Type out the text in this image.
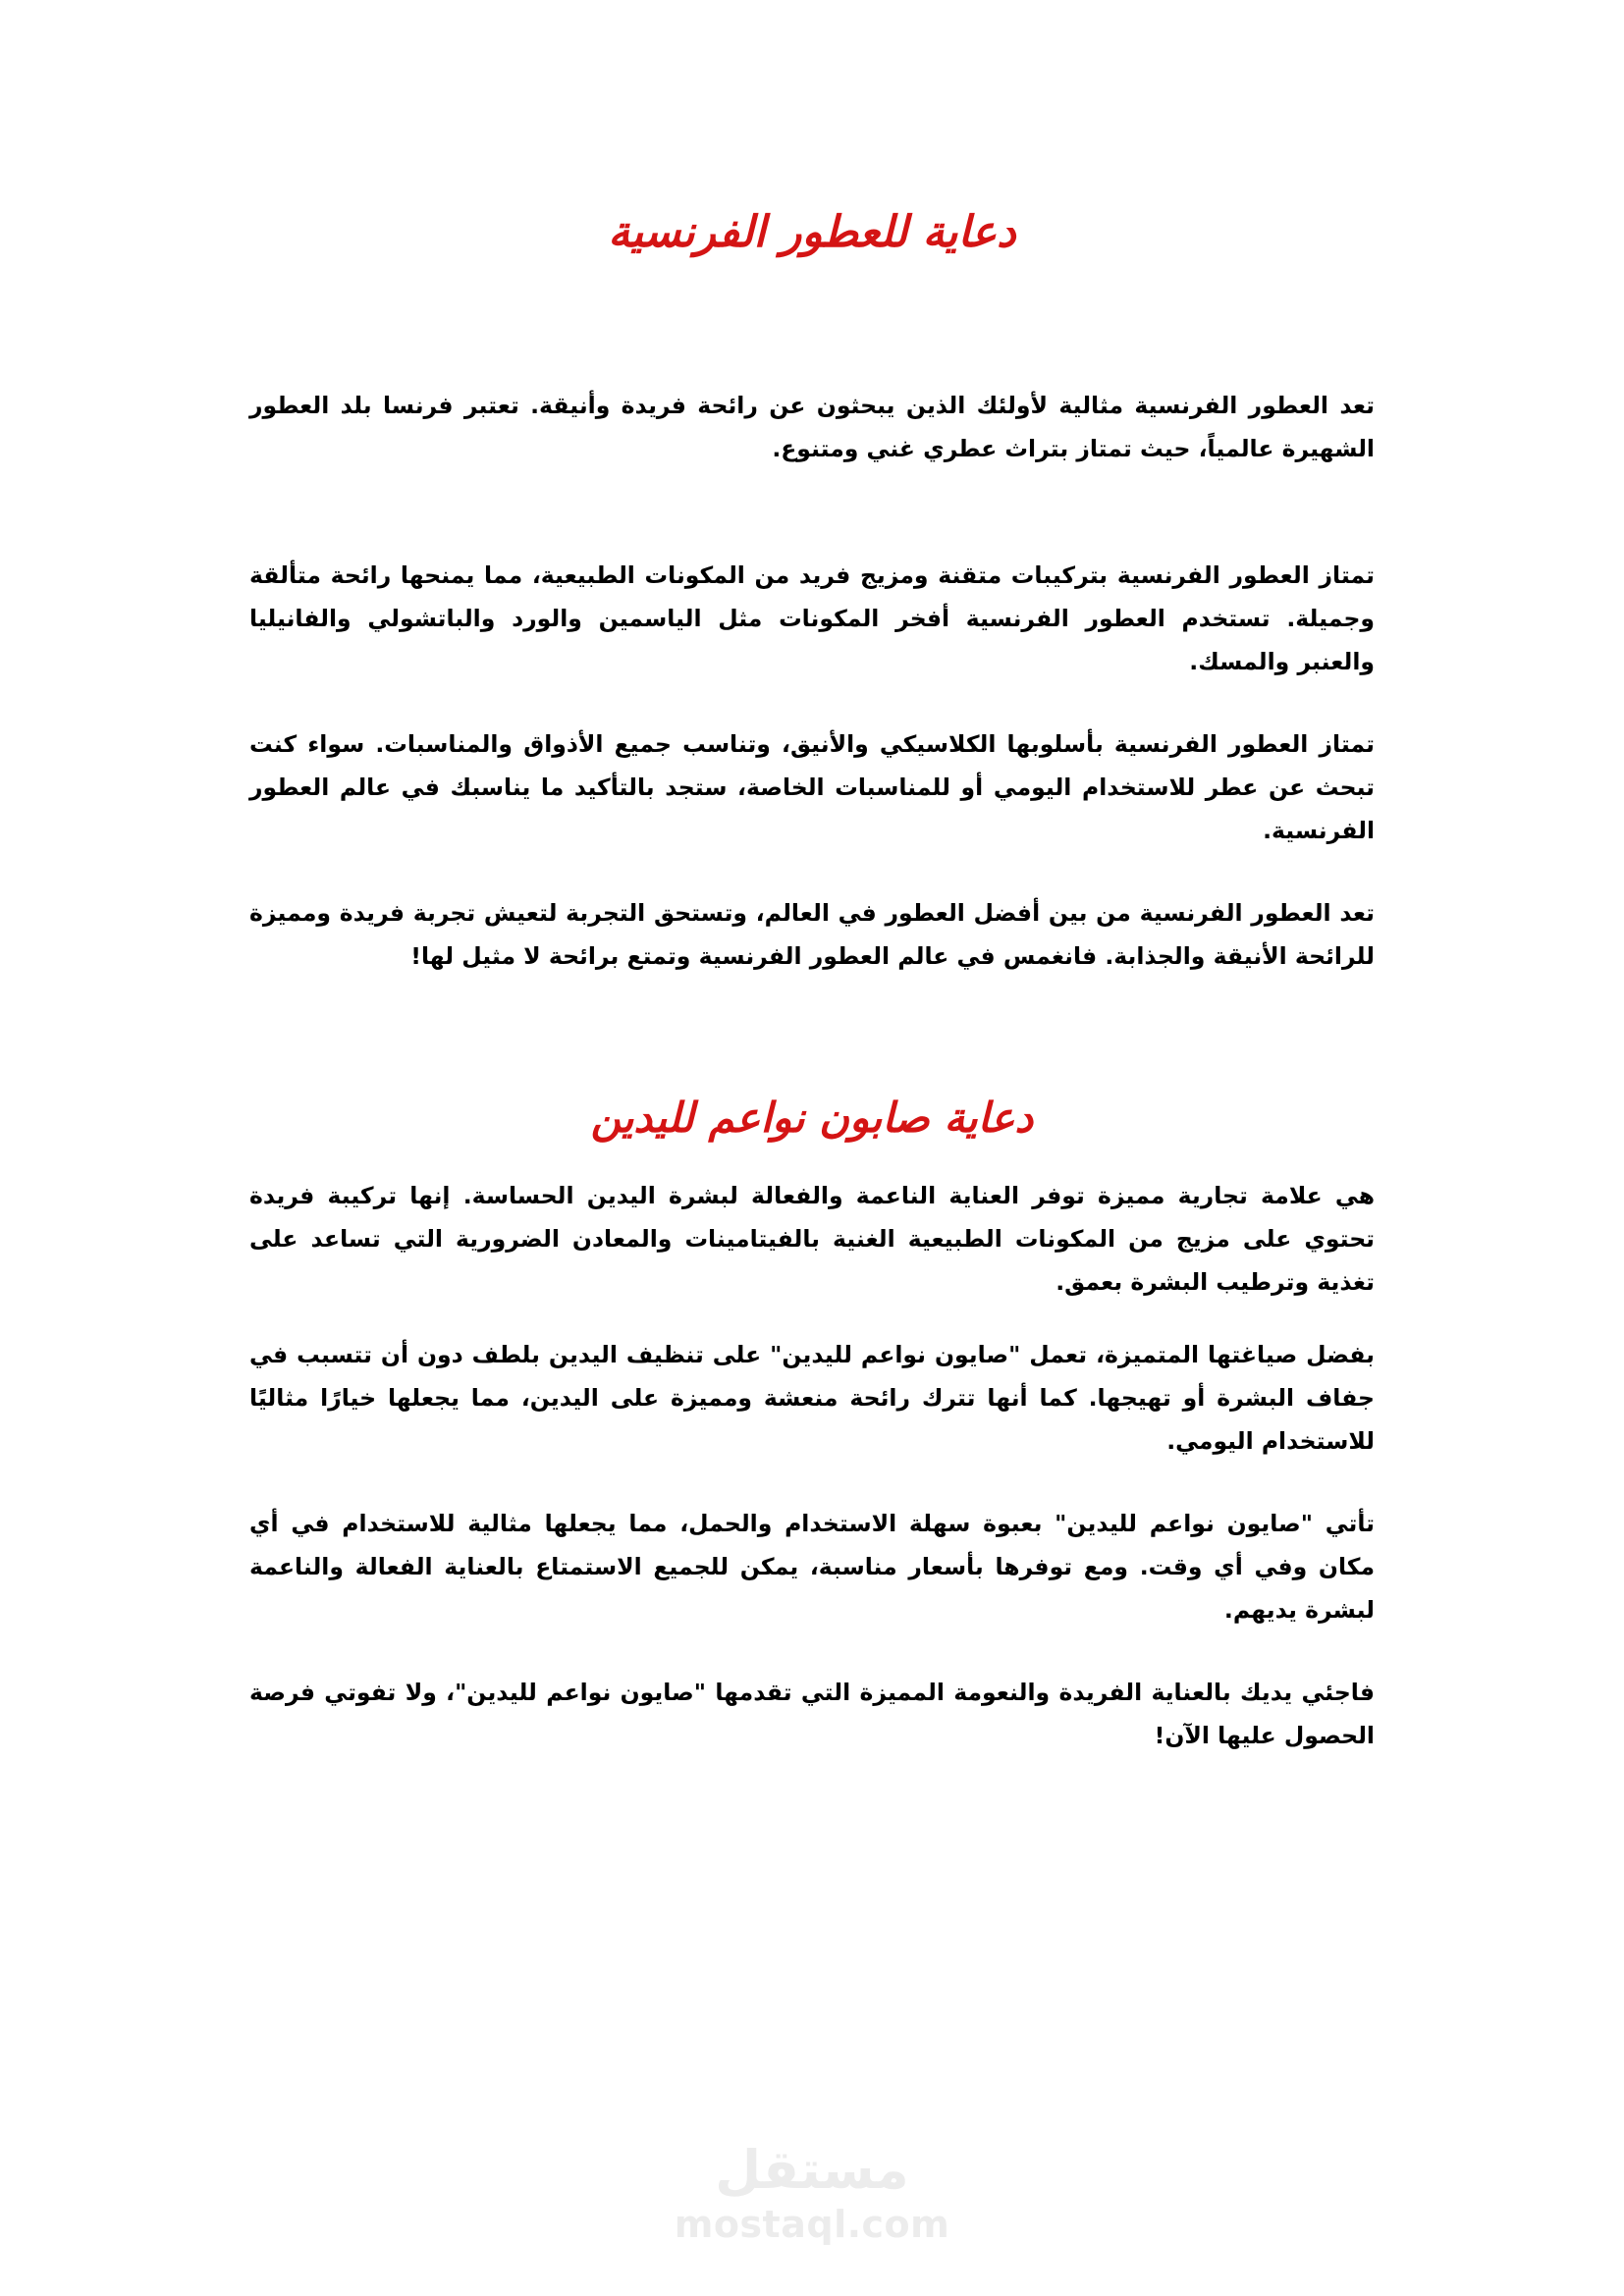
دعاية للعطور الفرنسية

تعد العطور الفرنسية مثالية لأولئك الذين يبحثون عن رائحة فريدة وأنيقة. تعتبر فرنسا بلد العطور الشهيرة عالمياً، حيث تمتاز بتراث عطري غني ومتنوع.

تمتاز العطور الفرنسية بتركيبات متقنة ومزيج فريد من المكونات الطبيعية، مما يمنحها رائحة متألقة وجميلة. تستخدم العطور الفرنسية أفخر المكونات مثل الياسمين والورد والباتشولي والفانيليا والعنبر والمسك.

تمتاز العطور الفرنسية بأسلوبها الكلاسيكي والأنيق، وتناسب جميع الأذواق والمناسبات. سواء كنت تبحث عن عطر للاستخدام اليومي أو للمناسبات الخاصة، ستجد بالتأكيد ما يناسبك في عالم العطور الفرنسية.

تعد العطور الفرنسية من بين أفضل العطور في العالم، وتستحق التجربة لتعيش تجربة فريدة ومميزة للرائحة الأنيقة والجذابة. فانغمس في عالم العطور الفرنسية وتمتع برائحة لا مثيل لها!

دعاية صابون نواعم لليدين

هي علامة تجارية مميزة توفر العناية الناعمة والفعالة لبشرة اليدين الحساسة. إنها تركيبة فريدة تحتوي على مزيج من المكونات الطبيعية الغنية بالفيتامينات والمعادن الضرورية التي تساعد على تغذية وترطيب البشرة بعمق.

بفضل صياغتها المتميزة، تعمل "صايون نواعم لليدين" على تنظيف اليدين بلطف دون أن تتسبب في جفاف البشرة أو تهيجها. كما أنها تترك رائحة منعشة ومميزة على اليدين، مما يجعلها خيارًا مثاليًا للاستخدام اليومي.

تأتي "صايون نواعم لليدين" بعبوة سهلة الاستخدام والحمل، مما يجعلها مثالية للاستخدام في أي مكان وفي أي وقت. ومع توفرها بأسعار مناسبة، يمكن للجميع الاستمتاع بالعناية الفعالة والناعمة لبشرة يديهم.

فاجئي يديك بالعناية الفريدة والنعومة المميزة التي تقدمها "صايون نواعم لليدين"، ولا تفوتي فرصة الحصول عليها الآن!

مستقل
mostaql.com
